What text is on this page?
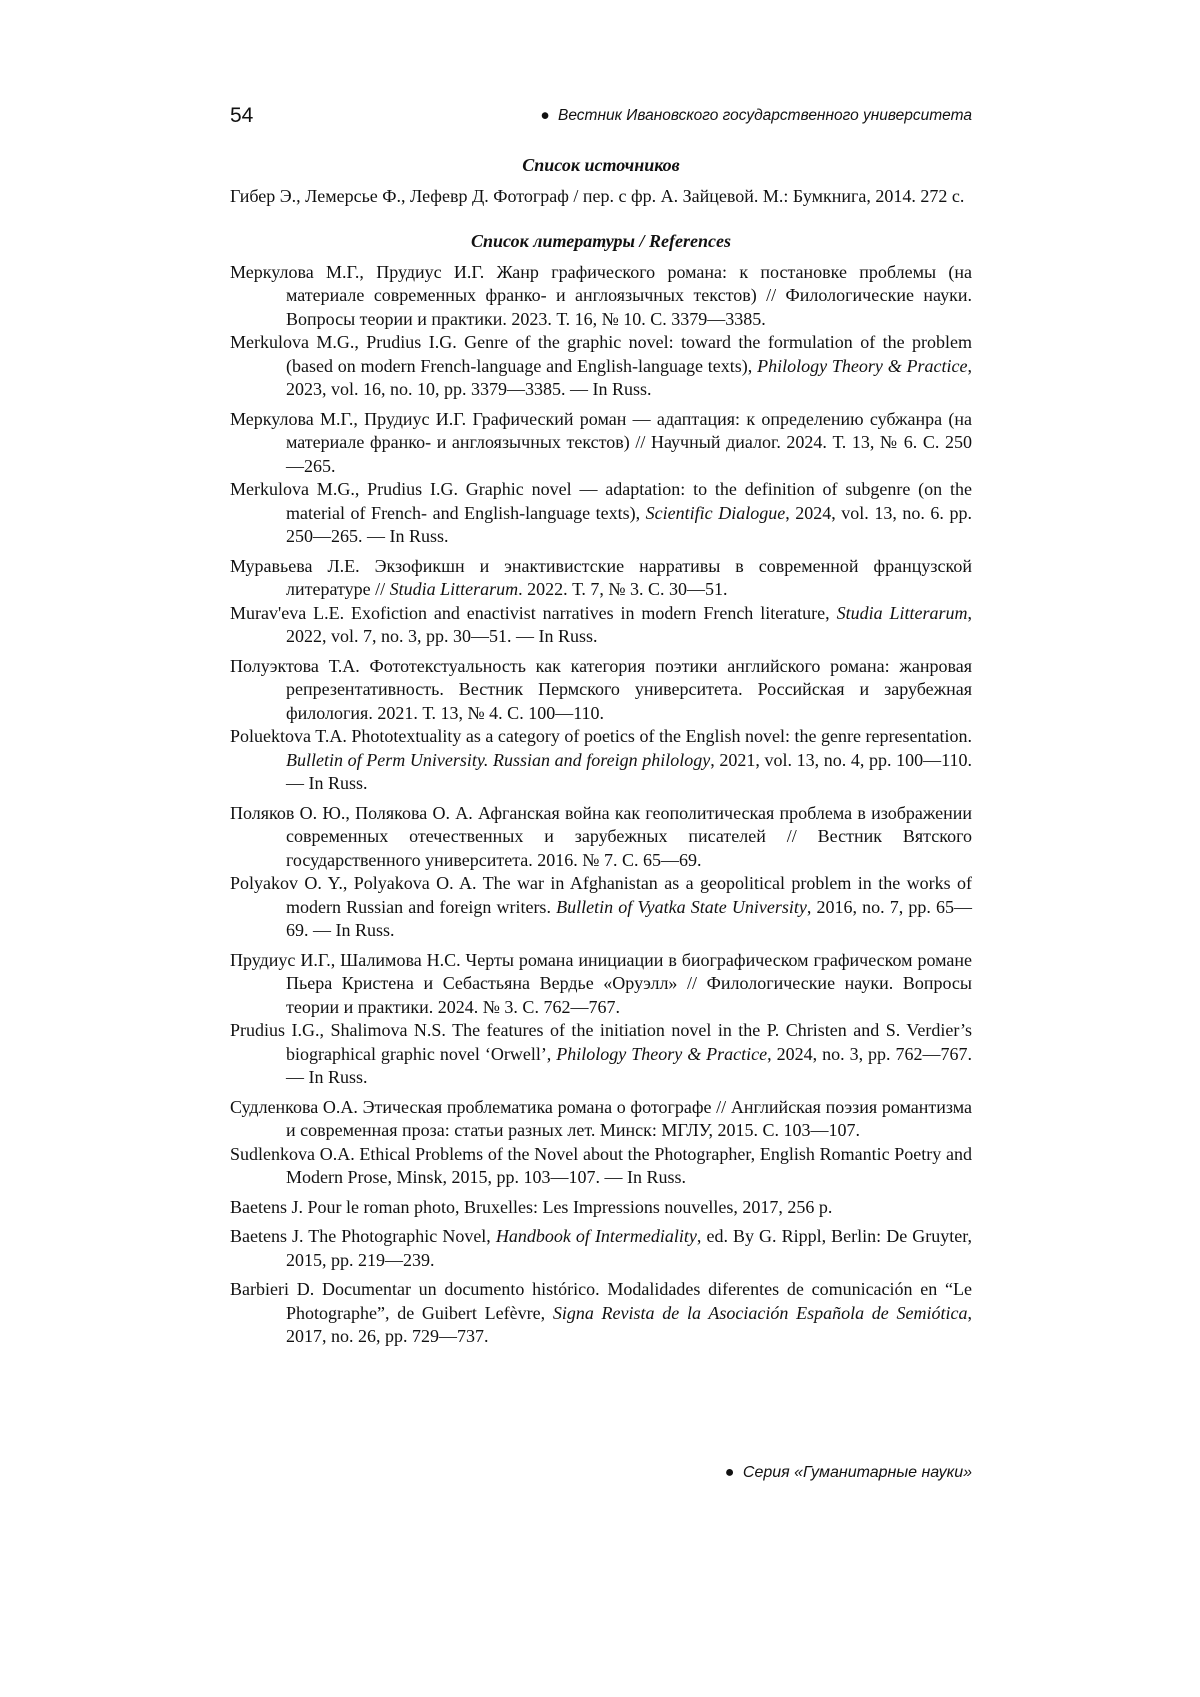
54	● Вестник Ивановского государственного университета
Список источников

Гибер Э., Лемерсье Ф., Лефевр Д. Фотограф / пер. с фр. А. Зайцевой. М.: Бумкнига, 2014. 272 с.

Список литературы / References

Меркулова М.Г., Прудиус И.Г. Жанр графического романа: к постановке проблемы (на материале современных франко- и англоязычных текстов) // Филологические науки. Вопросы теории и практики. 2023. Т. 16, № 10. С. 3379—3385.

Merkulova M.G., Prudius I.G. Genre of the graphic novel: toward the formulation of the problem (based on modern French-language and English-language texts), Philology Theory & Practice, 2023, vol. 16, no. 10, pp. 3379—3385. — In Russ.

Меркулова М.Г., Прудиус И.Г. Графический роман — адаптация: к определению субжанра (на материале франко- и англоязычных текстов) // Научный диалог. 2024. Т. 13, № 6. С. 250—265.

Merkulova M.G., Prudius I.G. Graphic novel — adaptation: to the definition of subgenre (on the material of French- and English-language texts), Scientific Dialogue, 2024, vol. 13, no. 6. pp. 250—265. — In Russ.

Муравьева Л.Е. Экзофикшн и энактивистские нарративы в современной французской литературе // Studia Litterarum. 2022. Т. 7, № 3. С. 30—51.

Murav'eva L.E. Exofiction and enactivist narratives in modern French literature, Studia Litterarum, 2022, vol. 7, no. 3, pp. 30—51. — In Russ.

Полуэктова Т.А. Фототекстуальность как категория поэтики английского романа: жанровая репрезентативность. Вестник Пермского университета. Российская и зарубежная филология. 2021. Т. 13, № 4. С. 100—110.

Poluektova T.A. Phototextuality as a category of poetics of the English novel: the genre representation. Bulletin of Perm University. Russian and foreign philology, 2021, vol. 13, no. 4, pp. 100—110. — In Russ.

Поляков О. Ю., Полякова О. А. Афганская война как геополитическая проблема в изображении современных отечественных и зарубежных писателей // Вестник Вятского государственного университета. 2016. № 7. С. 65—69.

Polyakov O. Y., Polyakova O. A. The war in Afghanistan as a geopolitical problem in the works of modern Russian and foreign writers. Bulletin of Vyatka State University, 2016, no. 7, pp. 65—69. — In Russ.

Прудиус И.Г., Шалимова Н.С. Черты романа инициации в биографическом графическом романе Пьера Кристена и Себастьяна Вердье «Оруэлл» // Филологические науки. Вопросы теории и практики. 2024. № 3. С. 762—767.

Prudius I.G., Shalimova N.S. The features of the initiation novel in the P. Christen and S. Verdier’s biographical graphic novel ‘Orwell’, Philology Theory & Practice, 2024, no. 3, pp. 762—767. — In Russ.

Судленкова О.А. Этическая проблематика романа о фотографе // Английская поэзия романтизма и современная проза: статьи разных лет. Минск: МГЛУ, 2015. С. 103—107.

Sudlenkova O.A. Ethical Problems of the Novel about the Photographer, English Romantic Poetry and Modern Prose, Minsk, 2015, pp. 103—107. — In Russ.

Baetens J. Pour le roman photo, Bruxelles: Les Impressions nouvelles, 2017, 256 p.

Baetens J. The Photographic Novel, Handbook of Intermediality, ed. By G. Rippl, Berlin: De Gruyter, 2015, pp. 219—239.

Barbieri D. Documentar un documento histórico. Modalidades diferentes de comunicación en “Le Photographe”, de Guibert Lefèvre, Signa Revista de la Asociación Española de Semiótica, 2017, no. 26, pp. 729—737.

● Серия «Гуманитарные науки»
